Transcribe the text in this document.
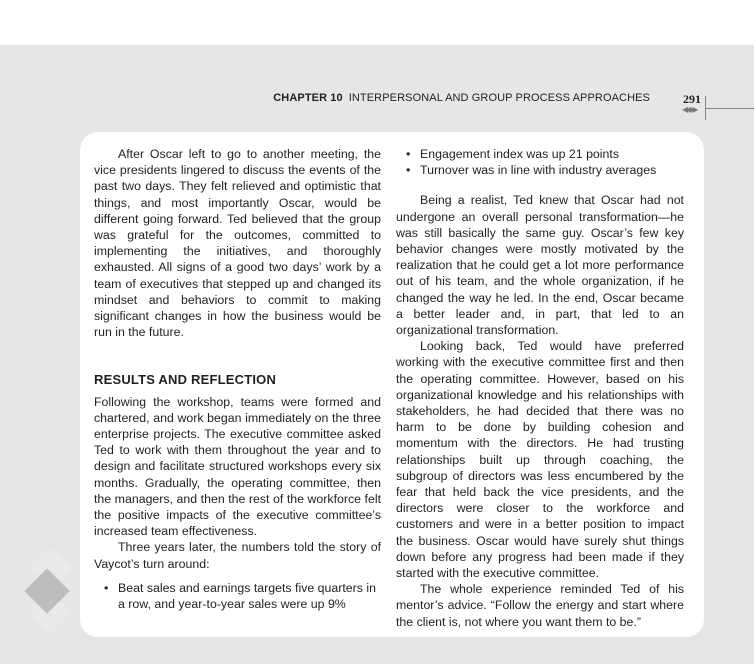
CHAPTER 10 INTERPERSONAL AND GROUP PROCESS APPROACHES	291
◀◆▶

After Oscar left to go to another meeting, the vice presidents lingered to discuss the events of the past two days. They felt relieved and optimistic that things, and most importantly Oscar, would be different going forward. Ted believed that the group was grateful for the outcomes, committed to implementing the initiatives, and thoroughly exhausted. All signs of a good two days’ work by a team of executives that stepped up and changed its mindset and behaviors to commit to making significant changes in how the business would be run in the future.

RESULTS AND REFLECTION

Following the workshop, teams were formed and chartered, and work began immediately on the three enterprise projects. The executive committee asked Ted to work with them throughout the year and to design and facilitate structured workshops every six months. Gradually, the operating committee, then the managers, and then the rest of the workforce felt the positive impacts of the executive committee’s increased team effectiveness.

Three years later, the numbers told the story of Vaycot’s turn around:

• Beat sales and earnings targets five quarters in a row, and year-to-year sales were up 9%
• Engagement index was up 21 points
• Turnover was in line with industry averages

Being a realist, Ted knew that Oscar had not undergone an overall personal transformation—he was still basically the same guy. Oscar’s few key behavior changes were mostly motivated by the realization that he could get a lot more performance out of his team, and the whole organization, if he changed the way he led. In the end, Oscar became a better leader and, in part, that led to an organizational transformation.

Looking back, Ted would have preferred working with the executive committee first and then the operating committee. However, based on his organizational knowledge and his relationships with stakeholders, he had decided that there was no harm to be done by building cohesion and momentum with the directors. He had trusting relationships built up through coaching, the subgroup of directors was less encumbered by the fear that held back the vice presidents, and the directors were closer to the workforce and customers and were in a better position to impact the business. Oscar would have surely shut things down before any progress had been made if they started with the executive committee.

The whole experience reminded Ted of his mentor’s advice. “Follow the energy and start where the client is, not where you want them to be.”
